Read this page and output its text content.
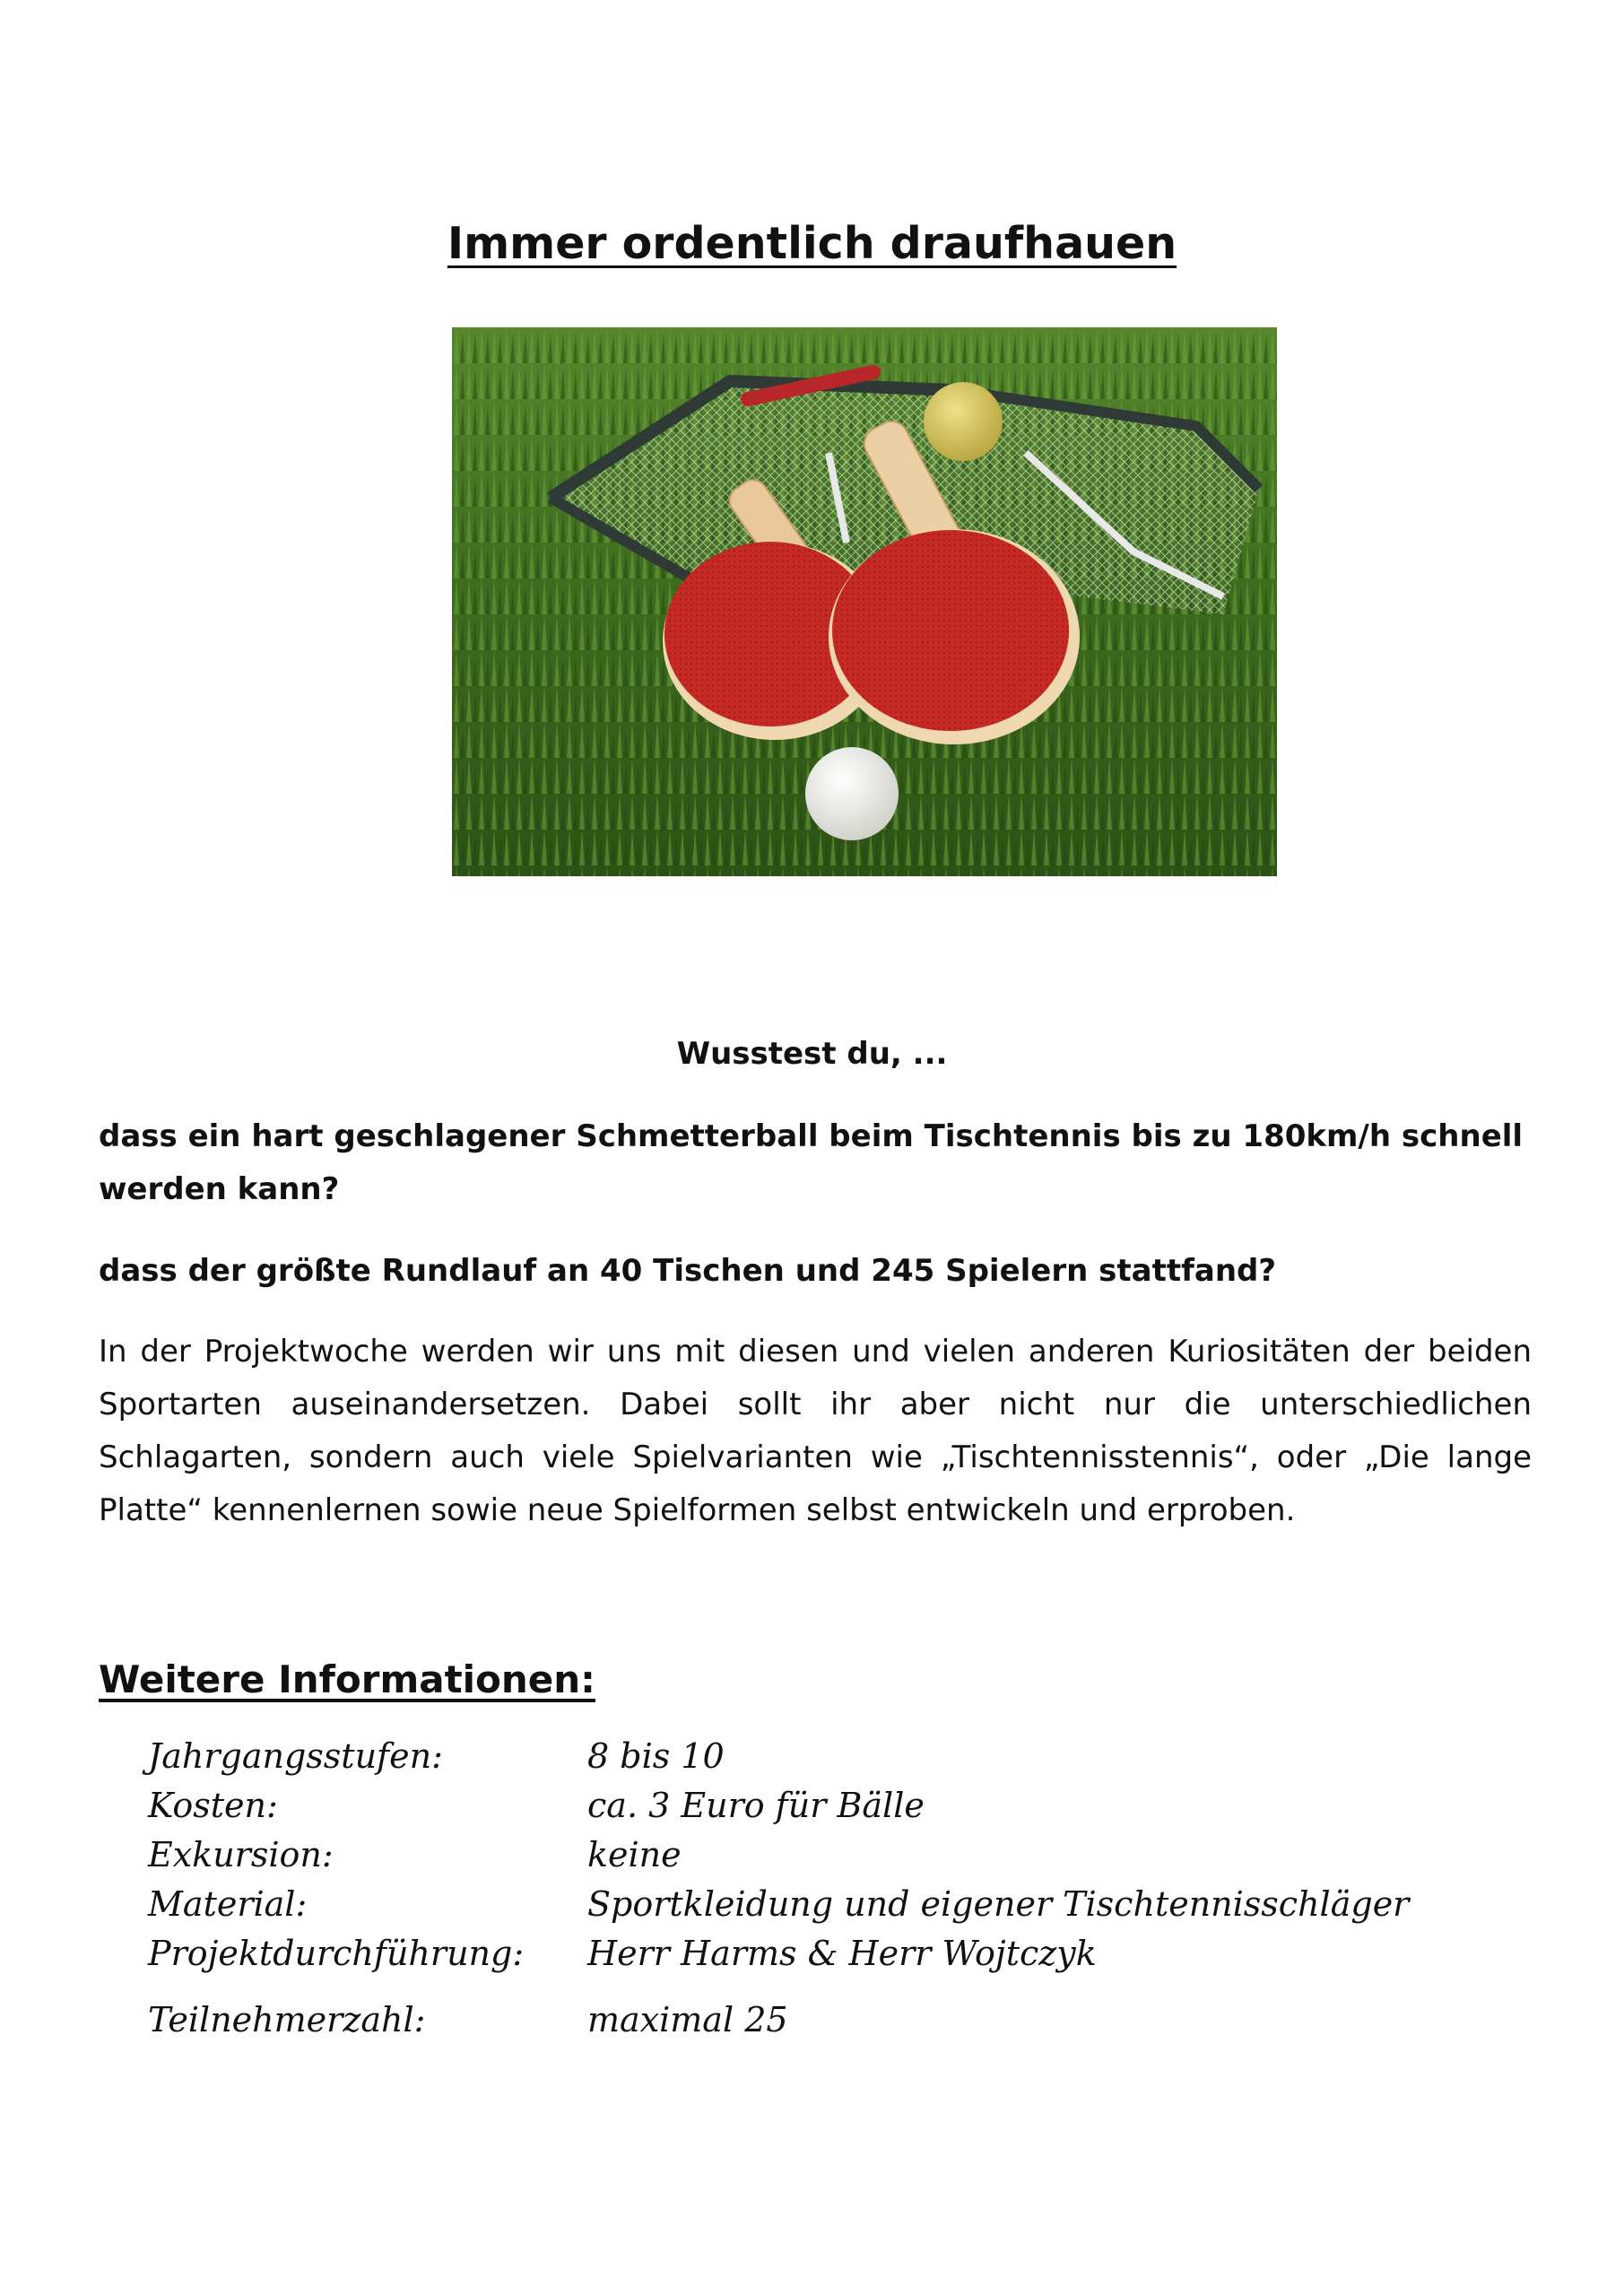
Immer ordentlich draufhauen

Wusstest du, ...

dass ein hart geschlagener Schmetterball beim Tischtennis bis zu 180km/h schnell werden kann?

dass der größte Rundlauf an 40 Tischen und 245 Spielern stattfand?

In der Projektwoche werden wir uns mit diesen und vielen anderen Kuriositäten der beiden Sportarten auseinandersetzen. Dabei sollt ihr aber nicht nur die unterschiedlichen Schlagarten, sondern auch viele Spielvarianten wie „Tischtennisstennis“, oder „Die lange Platte“ kennenlernen sowie neue Spielformen selbst entwickeln und erproben.

Weitere Informationen:
Jahrgangsstufen:	8 bis 10
Kosten:	ca. 3 Euro für Bälle
Exkursion:	keine
Material:	Sportkleidung und eigener Tischtennisschläger
Projektdurchführung:	Herr Harms & Herr Wojtczyk
Teilnehmerzahl:	maximal 25
